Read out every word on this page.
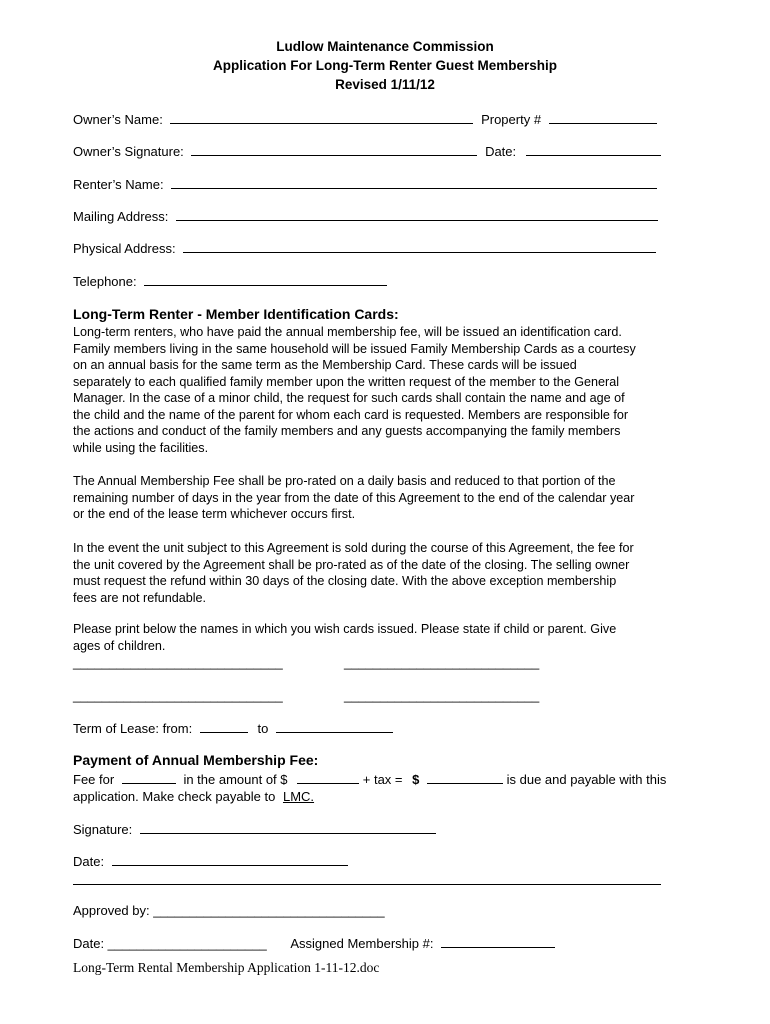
Ludlow Maintenance Commission
Application For Long-Term Renter Guest Membership
Revised 1/11/12
Owner’s Name:	Property #
Owner’s Signature:	Date:
Renter’s Name:
Mailing Address:
Physical Address:
Telephone:
Long-Term Renter - Member Identification Cards:
Long-term renters, who have paid the annual membership fee, will be issued an identification card.
Family members living in the same household will be issued Family Membership Cards as a courtesy
on an annual basis for the same term as the Membership Card. These cards will be issued
separately to each qualified family member upon the written request of the member to the General
Manager. In the case of a minor child, the request for such cards shall contain the name and age of
the child and the name of the parent for whom each card is requested. Members are responsible for
the actions and conduct of the family members and any guests accompanying the family members
while using the facilities.
The Annual Membership Fee shall be pro-rated on a daily basis and reduced to that portion of the
remaining number of days in the year from the date of this Agreement to the end of the calendar year
or the end of the lease term whichever occurs first.
In the event the unit subject to this Agreement is sold during the course of this Agreement, the fee for
the unit covered by the Agreement shall be pro-rated as of the date of the closing. The selling owner
must request the refund within 30 days of the closing date. With the above exception membership
fees are not refundable.
Please print below the names in which you wish cards issued. Please state if child or parent. Give
ages of children.
_____________________________	___________________________
_____________________________	___________________________
Term of Lease: from:	to
Payment of Annual Membership Fee:
Fee for	in the amount of $	+ tax = $	is due and payable with this
application. Make check payable to LMC.
Signature:
Date:
Approved by: ________________________________
Date: ______________________ Assigned Membership #:
Long-Term Rental Membership Application 1-11-12.doc
